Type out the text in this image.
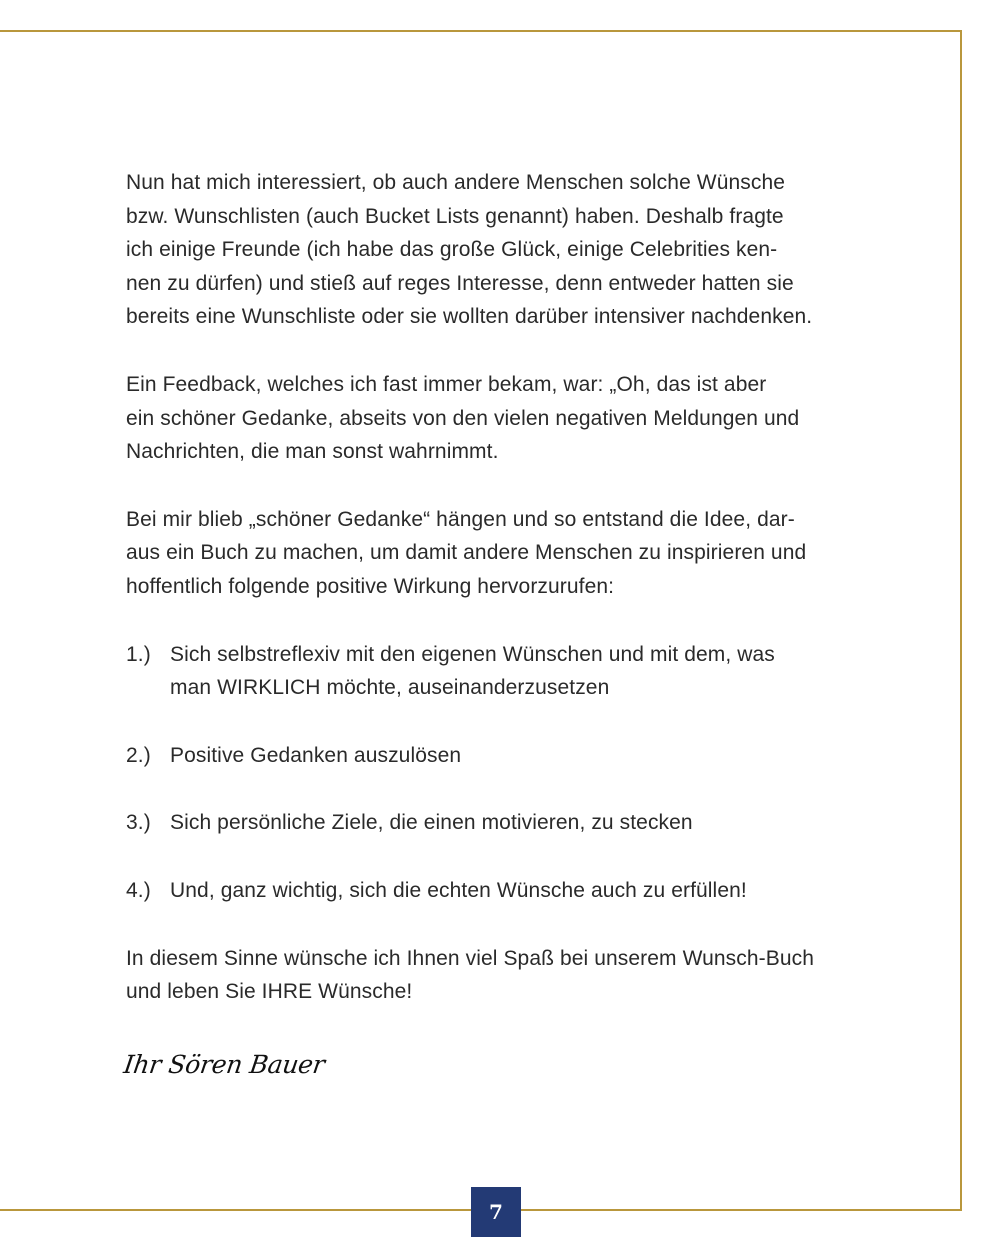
Nun hat mich interessiert, ob auch andere Menschen solche Wünsche
bzw. Wunschlisten (auch Bucket Lists genannt) haben. Deshalb fragte
ich einige Freunde (ich habe das große Glück, einige Celebrities ken-
nen zu dürfen) und stieß auf reges Interesse, denn entweder hatten sie
bereits eine Wunschliste oder sie wollten darüber intensiver nachdenken.

Ein Feedback, welches ich fast immer bekam, war: „Oh, das ist aber
ein schöner Gedanke, abseits von den vielen negativen Meldungen und
Nachrichten, die man sonst wahrnimmt.

Bei mir blieb „schöner Gedanke“ hängen und so entstand die Idee, dar-
aus ein Buch zu machen, um damit andere Menschen zu inspirieren und
hoffentlich folgende positive Wirkung hervorzurufen:

1.) Sich selbstreflexiv mit den eigenen Wünschen und mit dem, was
man WIRKLICH möchte, auseinanderzusetzen
2.) Positive Gedanken auszulösen
3.) Sich persönliche Ziele, die einen motivieren, zu stecken
4.) Und, ganz wichtig, sich die echten Wünsche auch zu erfüllen!

In diesem Sinne wünsche ich Ihnen viel Spaß bei unserem Wunsch-Buch
und leben Sie IHRE Wünsche!

Ihr Sören Bauer
7
